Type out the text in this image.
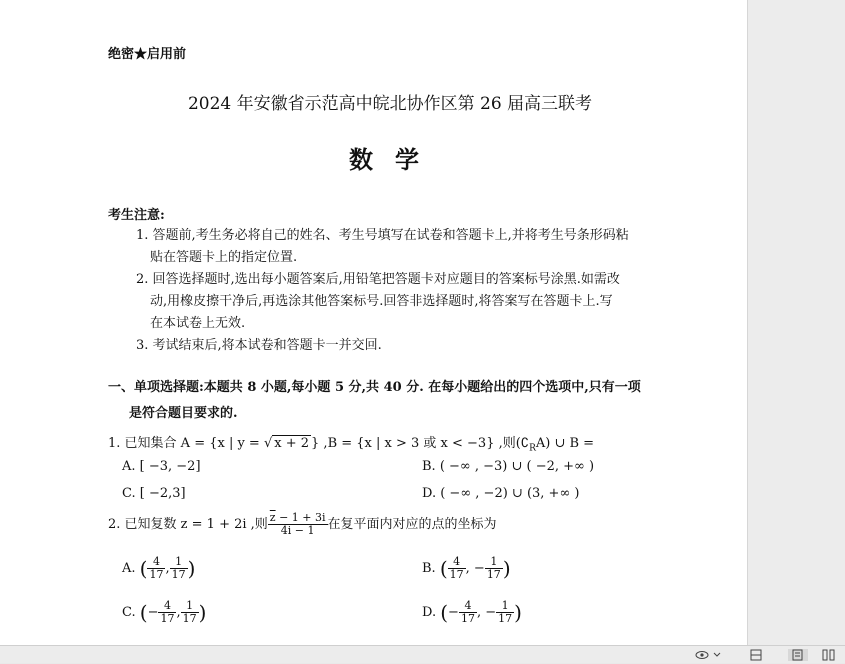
绝密★启用前
2024 年安徽省示范高中皖北协作区第 26 届高三联考
数学
考生注意:
1. 答题前,考生务必将自己的姓名、考生号填写在试卷和答题卡上,并将考生号条形码粘
贴在答题卡上的指定位置.
2. 回答选择题时,选出每小题答案后,用铅笔把答题卡对应题目的答案标号涂黑.如需改
动,用橡皮擦干净后,再选涂其他答案标号.回答非选择题时,将答案写在答题卡上.写
在本试卷上无效.
3. 考试结束后,将本试卷和答题卡一并交回.
一、单项选择题:本题共 8 小题,每小题 5 分,共 40 分. 在每小题给出的四个选项中,只有一项
是符合题目要求的.
1. 已知集合 A = {x | y = √ x + 2 } ,B = {x | x > 3 或 x < −3} ,则$(∁_RA)$ ∪ B =
A. [ −3, −2]	B. ( −∞ , −3) ∪ ( −2, +∞ )
C. [ −2,3]	D. ( −∞ , −2) ∪ (3, +∞ )
2. 已知复数 z = 1 + 2i ,则 $\frac{\overline{z} - 1 + 3i}{4i - 1}$ 在复平面内对应的点的坐标为
A. ( $\frac{4}{17}$ , $\frac{1}{17}$ )	B. ( $\frac{4}{17}$ , − $\frac{1}{17}$ )
C. (− $\frac{4}{17}$ , $\frac{1}{17}$ )	D. (− $\frac{4}{17}$ , − $\frac{1}{17}$ )
